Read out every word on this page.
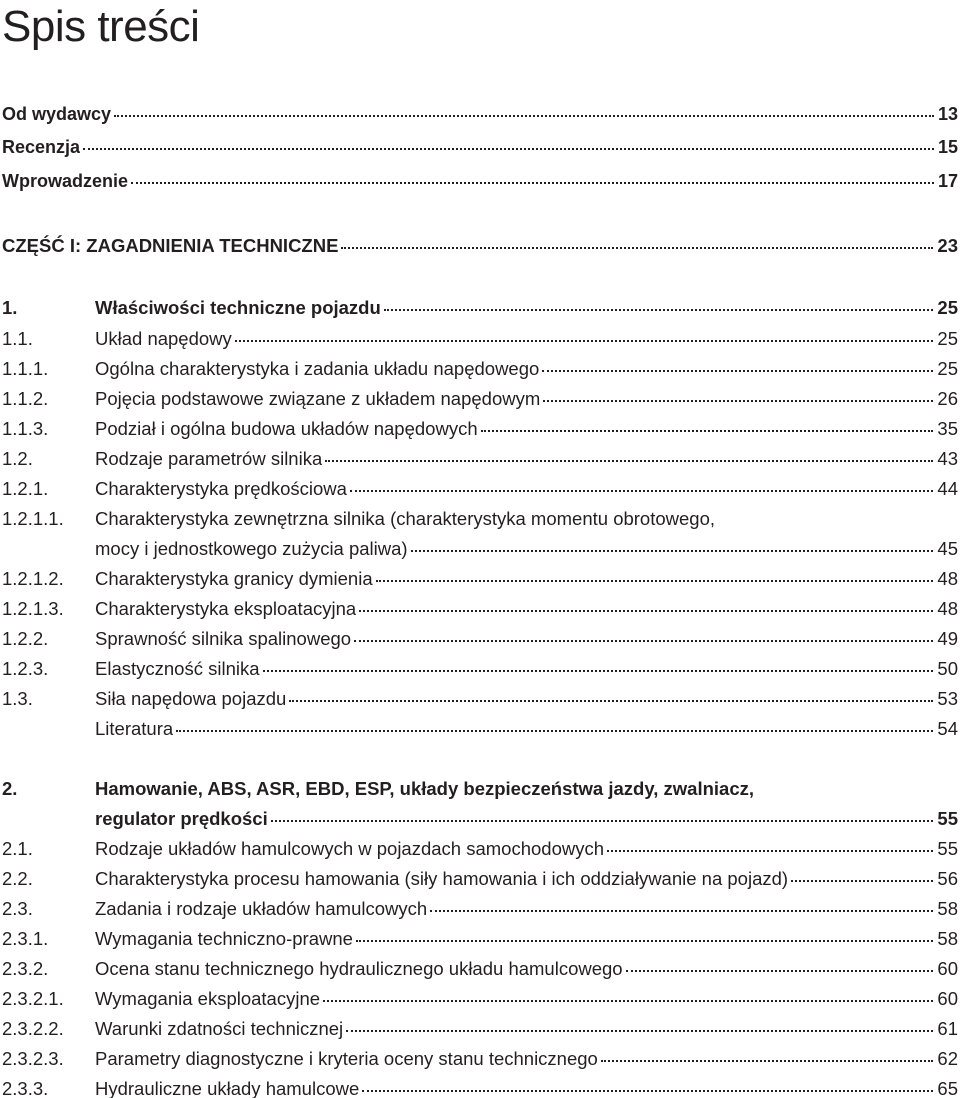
Spis treści
Od wydawcy	13
Recenzja	15
Wprowadzenie	17
CZĘŚĆ I: ZAGADNIENIA TECHNICZNE	23
1.	Właściwości techniczne pojazdu	25
1.1.	Układ napędowy	25
1.1.1.	Ogólna charakterystyka i zadania układu napędowego	25
1.1.2.	Pojęcia podstawowe związane z układem napędowym	26
1.1.3.	Podział i ogólna budowa układów napędowych	35
1.2.	Rodzaje parametrów silnika	43
1.2.1.	Charakterystyka prędkościowa	44
1.2.1.1.	Charakterystyka zewnętrzna silnika (charakterystyka momentu obrotowego,
mocy i jednostkowego zużycia paliwa)	45
1.2.1.2.	Charakterystyka granicy dymienia	48
1.2.1.3.	Charakterystyka eksploatacyjna	48
1.2.2.	Sprawność silnika spalinowego	49
1.2.3.	Elastyczność silnika	50
1.3.	Siła napędowa pojazdu	53
Literatura	54
2.	Hamowanie, ABS, ASR, EBD, ESP, układy bezpieczeństwa jazdy, zwalniacz,
regulator prędkości	55
2.1.	Rodzaje układów hamulcowych w pojazdach samochodowych	55
2.2.	Charakterystyka procesu hamowania (siły hamowania i ich oddziaływanie na pojazd)	56
2.3.	Zadania i rodzaje układów hamulcowych	58
2.3.1.	Wymagania techniczno-prawne	58
2.3.2.	Ocena stanu technicznego hydraulicznego układu hamulcowego	60
2.3.2.1.	Wymagania eksploatacyjne	60
2.3.2.2.	Warunki zdatności technicznej	61
2.3.2.3.	Parametry diagnostyczne i kryteria oceny stanu technicznego	62
2.3.3.	Hydrauliczne układy hamulcowe	65
